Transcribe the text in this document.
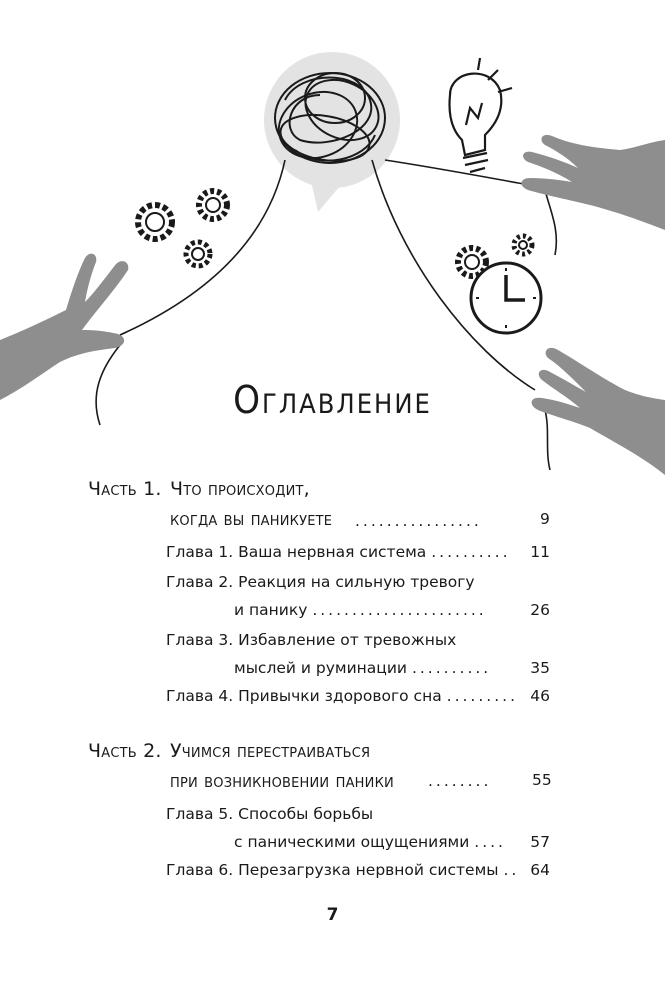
Оглавление
Часть 1. Что происходит,
когда вы паникуете ................	9
Глава 1. Ваша нервная система .......... 11
Глава 2. Реакция на сильную тревогу
и панику ......................	26
Глава 3. Избавление от тревожных
мыслей и руминации ..........	35
Глава 4. Привычки здорового сна ......... 46
Часть 2. Учимся перестраиваться
при возникновении паники ........	55
Глава 5. Способы борьбы
с паническими ощущениями .... 57
Глава 6. Перезагрузка нервной системы .. 64
7
